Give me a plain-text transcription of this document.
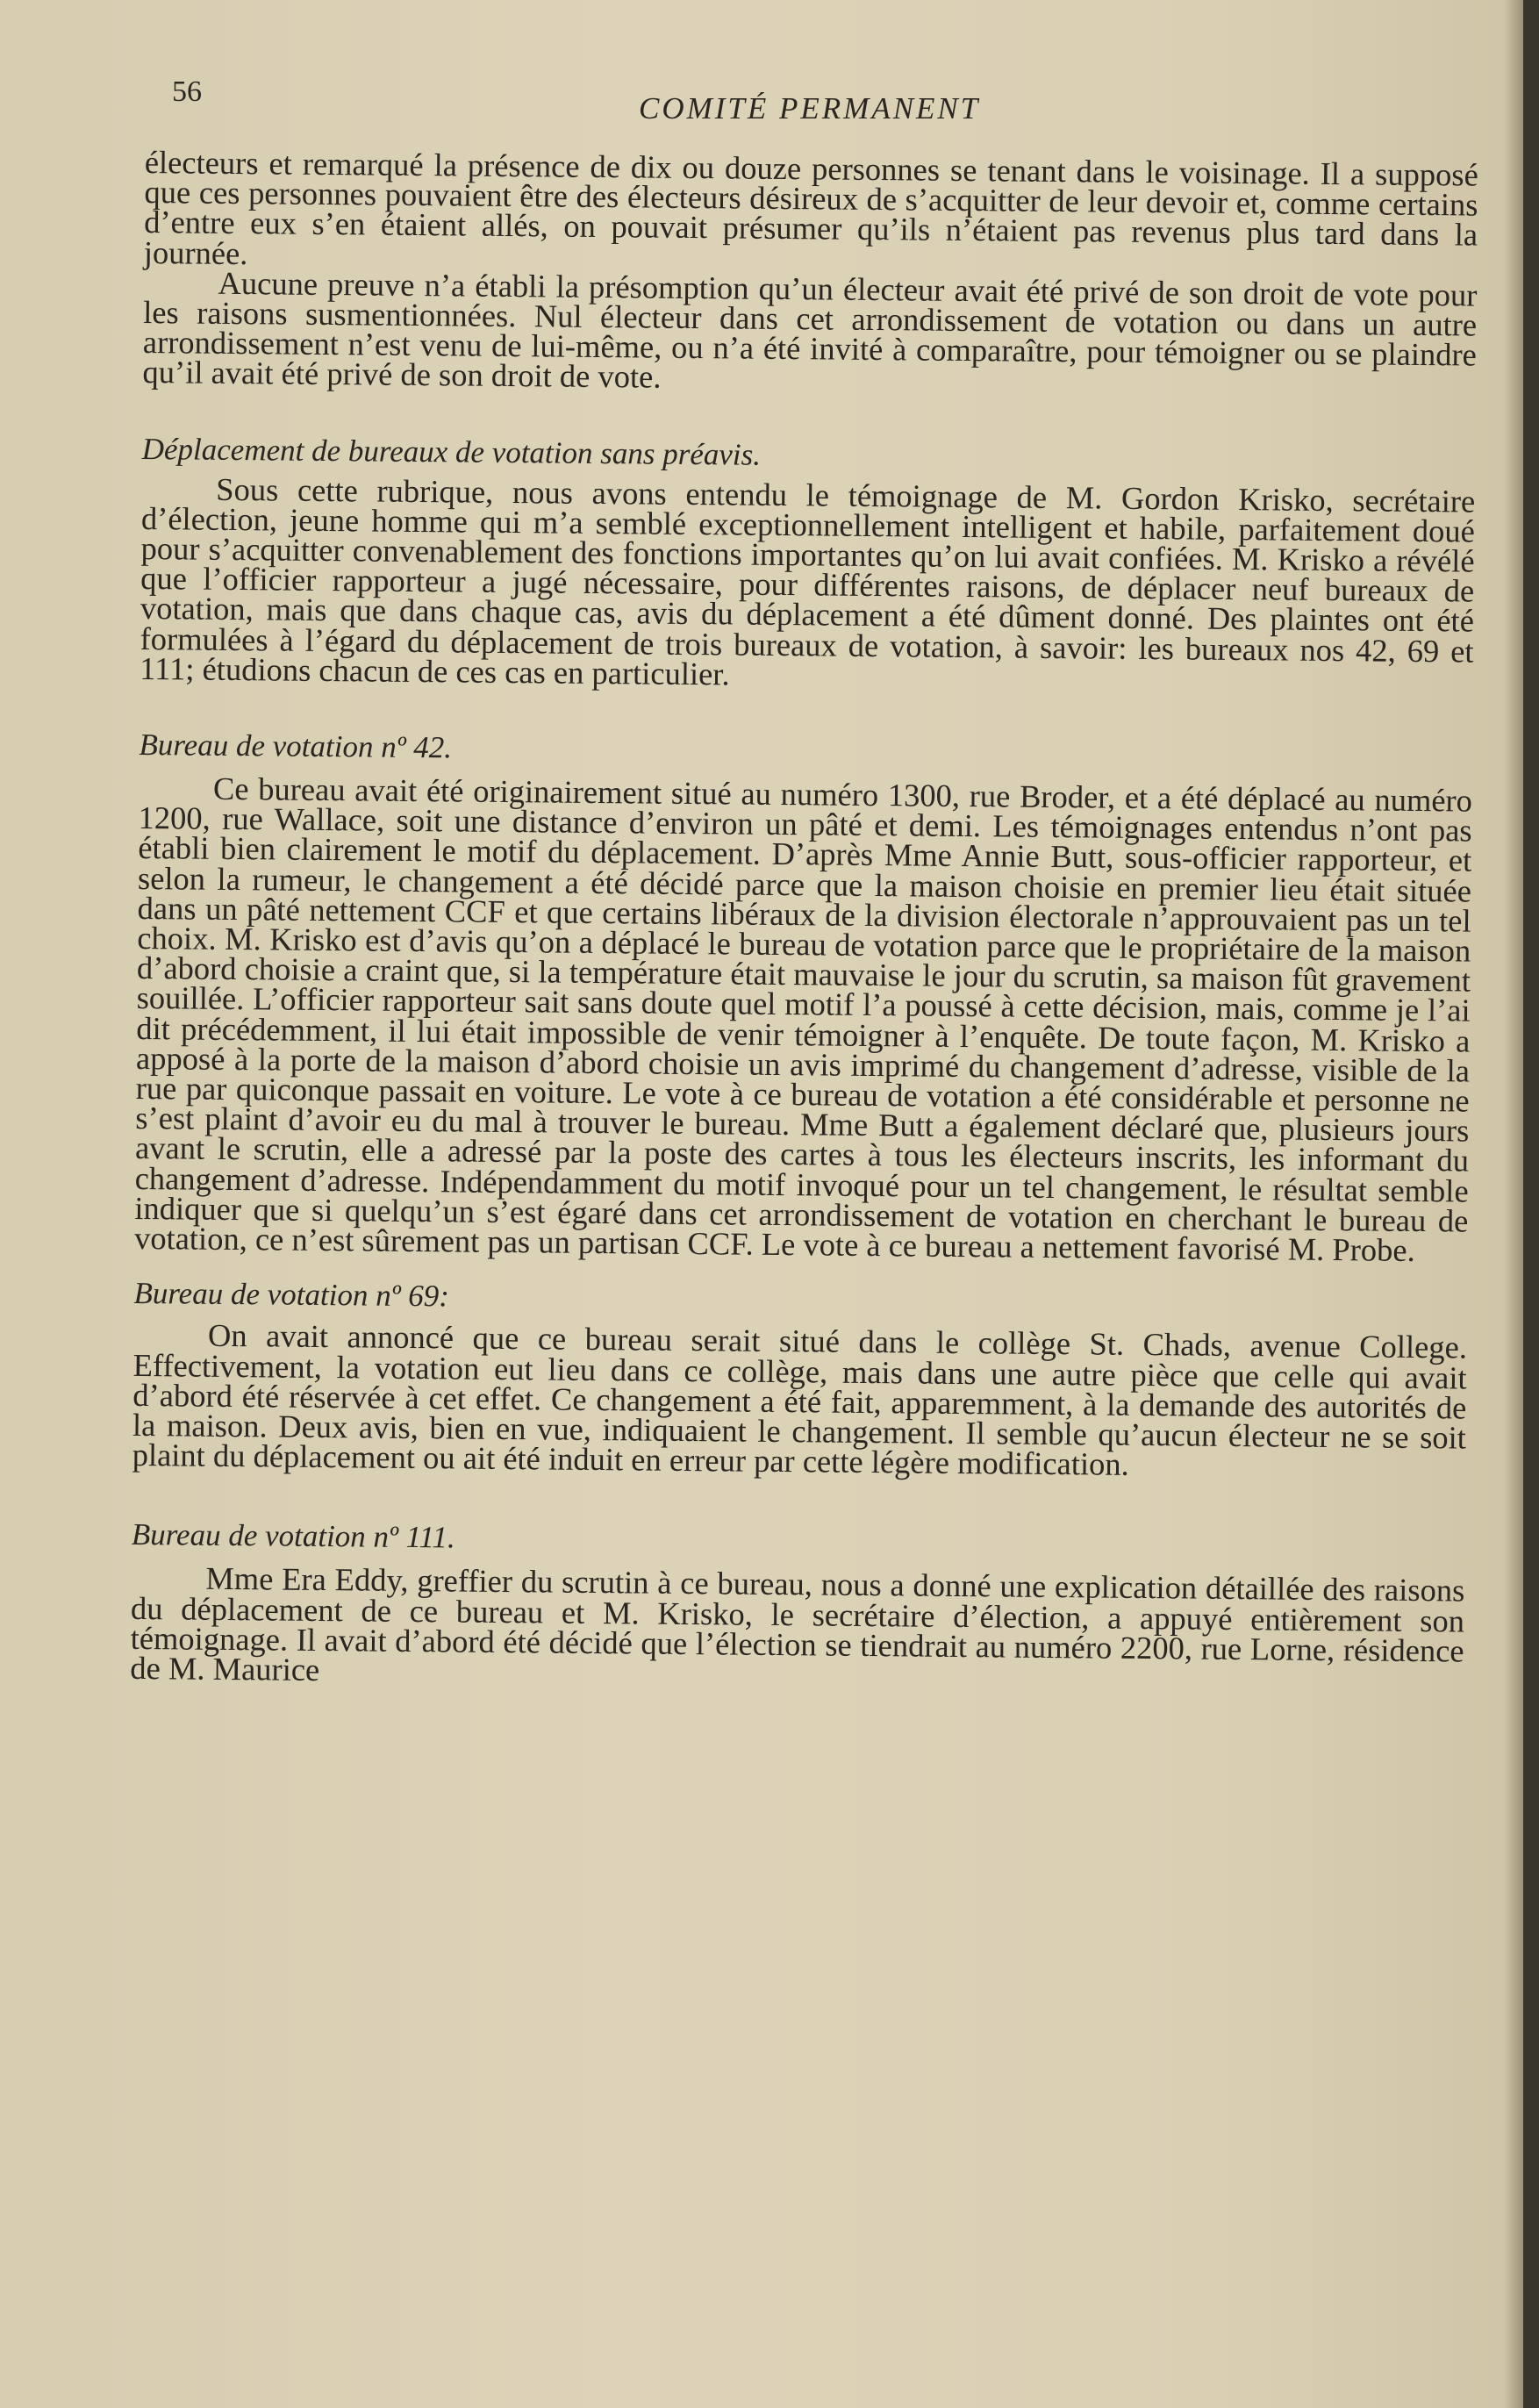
56	COMITÉ PERMANENT

électeurs et remarqué la présence de dix ou douze personnes se tenant dans le voisinage. Il a supposé que ces personnes pouvaient être des électeurs désireux de s’acquitter de leur devoir et, comme certains d’entre eux s’en étaient allés, on pouvait présumer qu’ils n’étaient pas revenus plus tard dans la journée.

Aucune preuve n’a établi la présomption qu’un électeur avait été privé de son droit de vote pour les raisons susmentionnées. Nul électeur dans cet arrondissement de votation ou dans un autre arrondissement n’est venu de lui-même, ou n’a été invité à comparaître, pour témoigner ou se plaindre qu’il avait été privé de son droit de vote.

Déplacement de bureaux de votation sans préavis.

Sous cette rubrique, nous avons entendu le témoignage de M. Gordon Krisko, secrétaire d’élection, jeune homme qui m’a semblé exceptionnellement intelligent et habile, parfaitement doué pour s’acquitter convenablement des fonctions importantes qu’on lui avait confiées. M. Krisko a révélé que l’officier rapporteur a jugé nécessaire, pour différentes raisons, de déplacer neuf bureaux de votation, mais que dans chaque cas, avis du déplacement a été dûment donné. Des plaintes ont été formulées à l’égard du déplacement de trois bureaux de votation, à savoir: les bureaux nos 42, 69 et 111; étudions chacun de ces cas en particulier.

Bureau de votation nº 42.

Ce bureau avait été originairement situé au numéro 1300, rue Broder, et a été déplacé au numéro 1200, rue Wallace, soit une distance d’environ un pâté et demi. Les témoignages entendus n’ont pas établi bien clairement le motif du déplacement. D’après Mme Annie Butt, sous-officier rapporteur, et selon la rumeur, le changement a été décidé parce que la maison choisie en premier lieu était située dans un pâté nettement CCF et que certains libéraux de la division électorale n’approuvaient pas un tel choix. M. Krisko est d’avis qu’on a déplacé le bureau de votation parce que le propriétaire de la maison d’abord choisie a craint que, si la température était mauvaise le jour du scrutin, sa maison fût gravement souillée. L’officier rapporteur sait sans doute quel motif l’a poussé à cette décision, mais, comme je l’ai dit précédemment, il lui était impossible de venir témoigner à l’enquête. De toute façon, M. Krisko a apposé à la porte de la maison d’abord choisie un avis imprimé du changement d’adresse, visible de la rue par quiconque passait en voiture. Le vote à ce bureau de votation a été considérable et personne ne s’est plaint d’avoir eu du mal à trouver le bureau. Mme Butt a également déclaré que, plusieurs jours avant le scrutin, elle a adressé par la poste des cartes à tous les électeurs inscrits, les informant du changement d’adresse. Indépendamment du motif invoqué pour un tel changement, le résultat semble indiquer que si quelqu’un s’est égaré dans cet arrondissement de votation en cherchant le bureau de votation, ce n’est sûrement pas un partisan CCF. Le vote à ce bureau a nettement favorisé M. Probe.

Bureau de votation nº 69:

On avait annoncé que ce bureau serait situé dans le collège St. Chads, avenue College. Effectivement, la votation eut lieu dans ce collège, mais dans une autre pièce que celle qui avait d’abord été réservée à cet effet. Ce changement a été fait, apparemment, à la demande des autorités de la maison. Deux avis, bien en vue, indiquaient le changement. Il semble qu’aucun électeur ne se soit plaint du déplacement ou ait été induit en erreur par cette légère modification.

Bureau de votation nº 111.

Mme Era Eddy, greffier du scrutin à ce bureau, nous a donné une explication détaillée des raisons du déplacement de ce bureau et M. Krisko, le secrétaire d’élection, a appuyé entièrement son témoignage. Il avait d’abord été décidé que l’élection se tiendrait au numéro 2200, rue Lorne, résidence de M. Maurice
